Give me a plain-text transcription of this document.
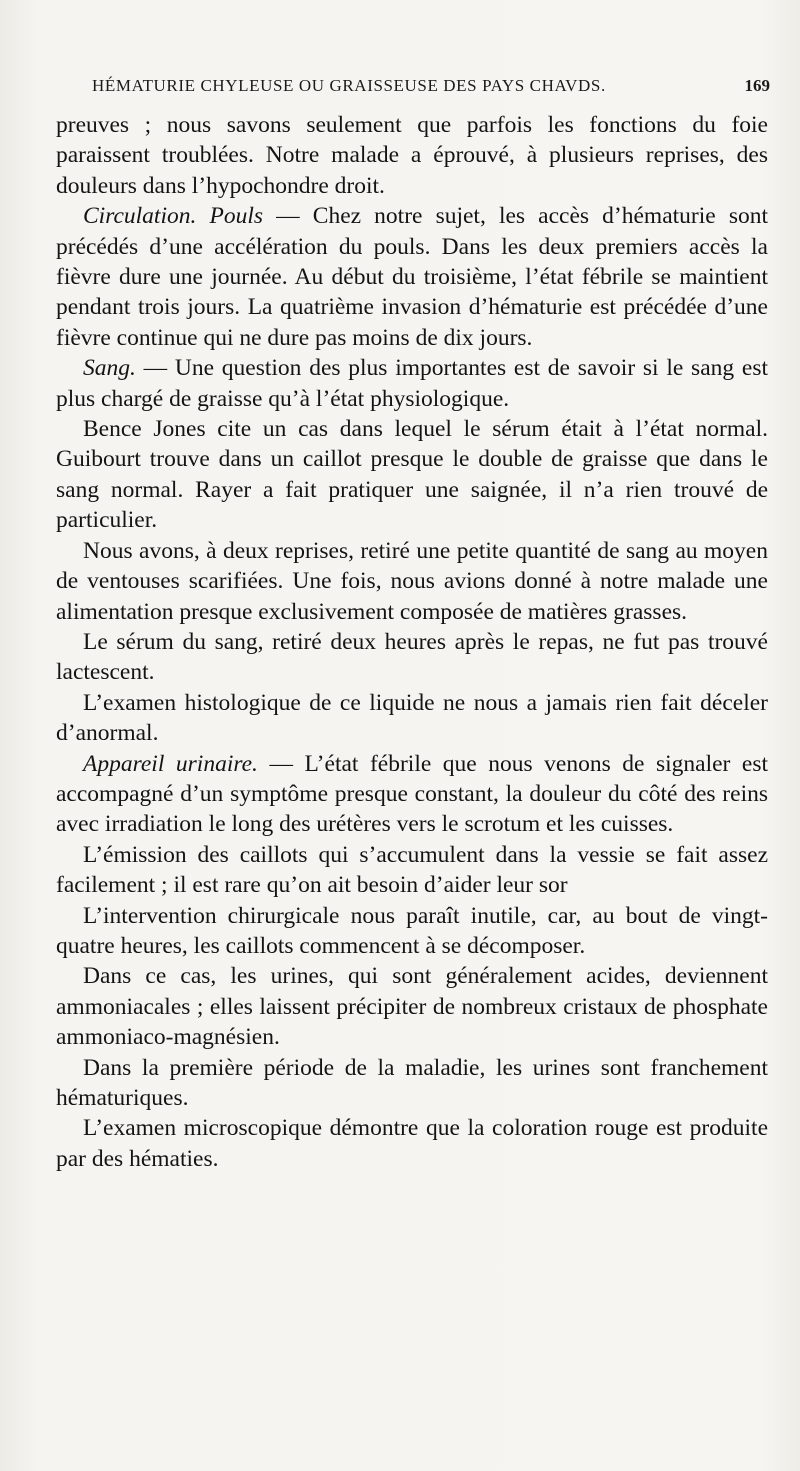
HÉMATURIE CHYLEUSE OU GRAISSEUSE DES PAYS CHAVDS.	169

preuves ; nous savons seulement que parfois les fonctions du foie paraissent troublées. Notre malade a éprouvé, à plusieurs reprises, des douleurs dans l’hypochondre droit.

Circulation. Pouls — Chez notre sujet, les accès d’hématurie sont précédés d’une accélération du pouls. Dans les deux premiers accès la fièvre dure une journée. Au début du troisième, l’état fébrile se maintient pendant trois jours. La quatrième invasion d’hématurie est précédée d’une fièvre continue qui ne dure pas moins de dix jours.

Sang. — Une question des plus importantes est de savoir si le sang est plus chargé de graisse qu’à l’état physiologique.

Bence Jones cite un cas dans lequel le sérum était à l’état normal. Guibourt trouve dans un caillot presque le double de graisse que dans le sang normal. Rayer a fait pratiquer une saignée, il n’a rien trouvé de particulier.

Nous avons, à deux reprises, retiré une petite quantité de sang au moyen de ventouses scarifiées. Une fois, nous avions donné à notre malade une alimentation presque exclusivement composée de matières grasses.

Le sérum du sang, retiré deux heures après le repas, ne fut pas trouvé lactescent.

L’examen histologique de ce liquide ne nous a jamais rien fait déceler d’anormal.

Appareil urinaire. — L’état fébrile que nous venons de signaler est accompagné d’un symptôme presque constant, la douleur du côté des reins avec irradiation le long des urétères vers le scrotum et les cuisses.

L’émission des caillots qui s’accumulent dans la vessie se fait assez facilement ; il est rare qu’on ait besoin d’aider leur sor

L’intervention chirurgicale nous paraît inutile, car, au bout de vingt-quatre heures, les caillots commencent à se décomposer.

Dans ce cas, les urines, qui sont généralement acides, deviennent ammoniacales ; elles laissent précipiter de nombreux cristaux de phosphate ammoniaco-magnésien.

Dans la première période de la maladie, les urines sont franchement hématuriques.

L’examen microscopique démontre que la coloration rouge est produite par des hématies.
